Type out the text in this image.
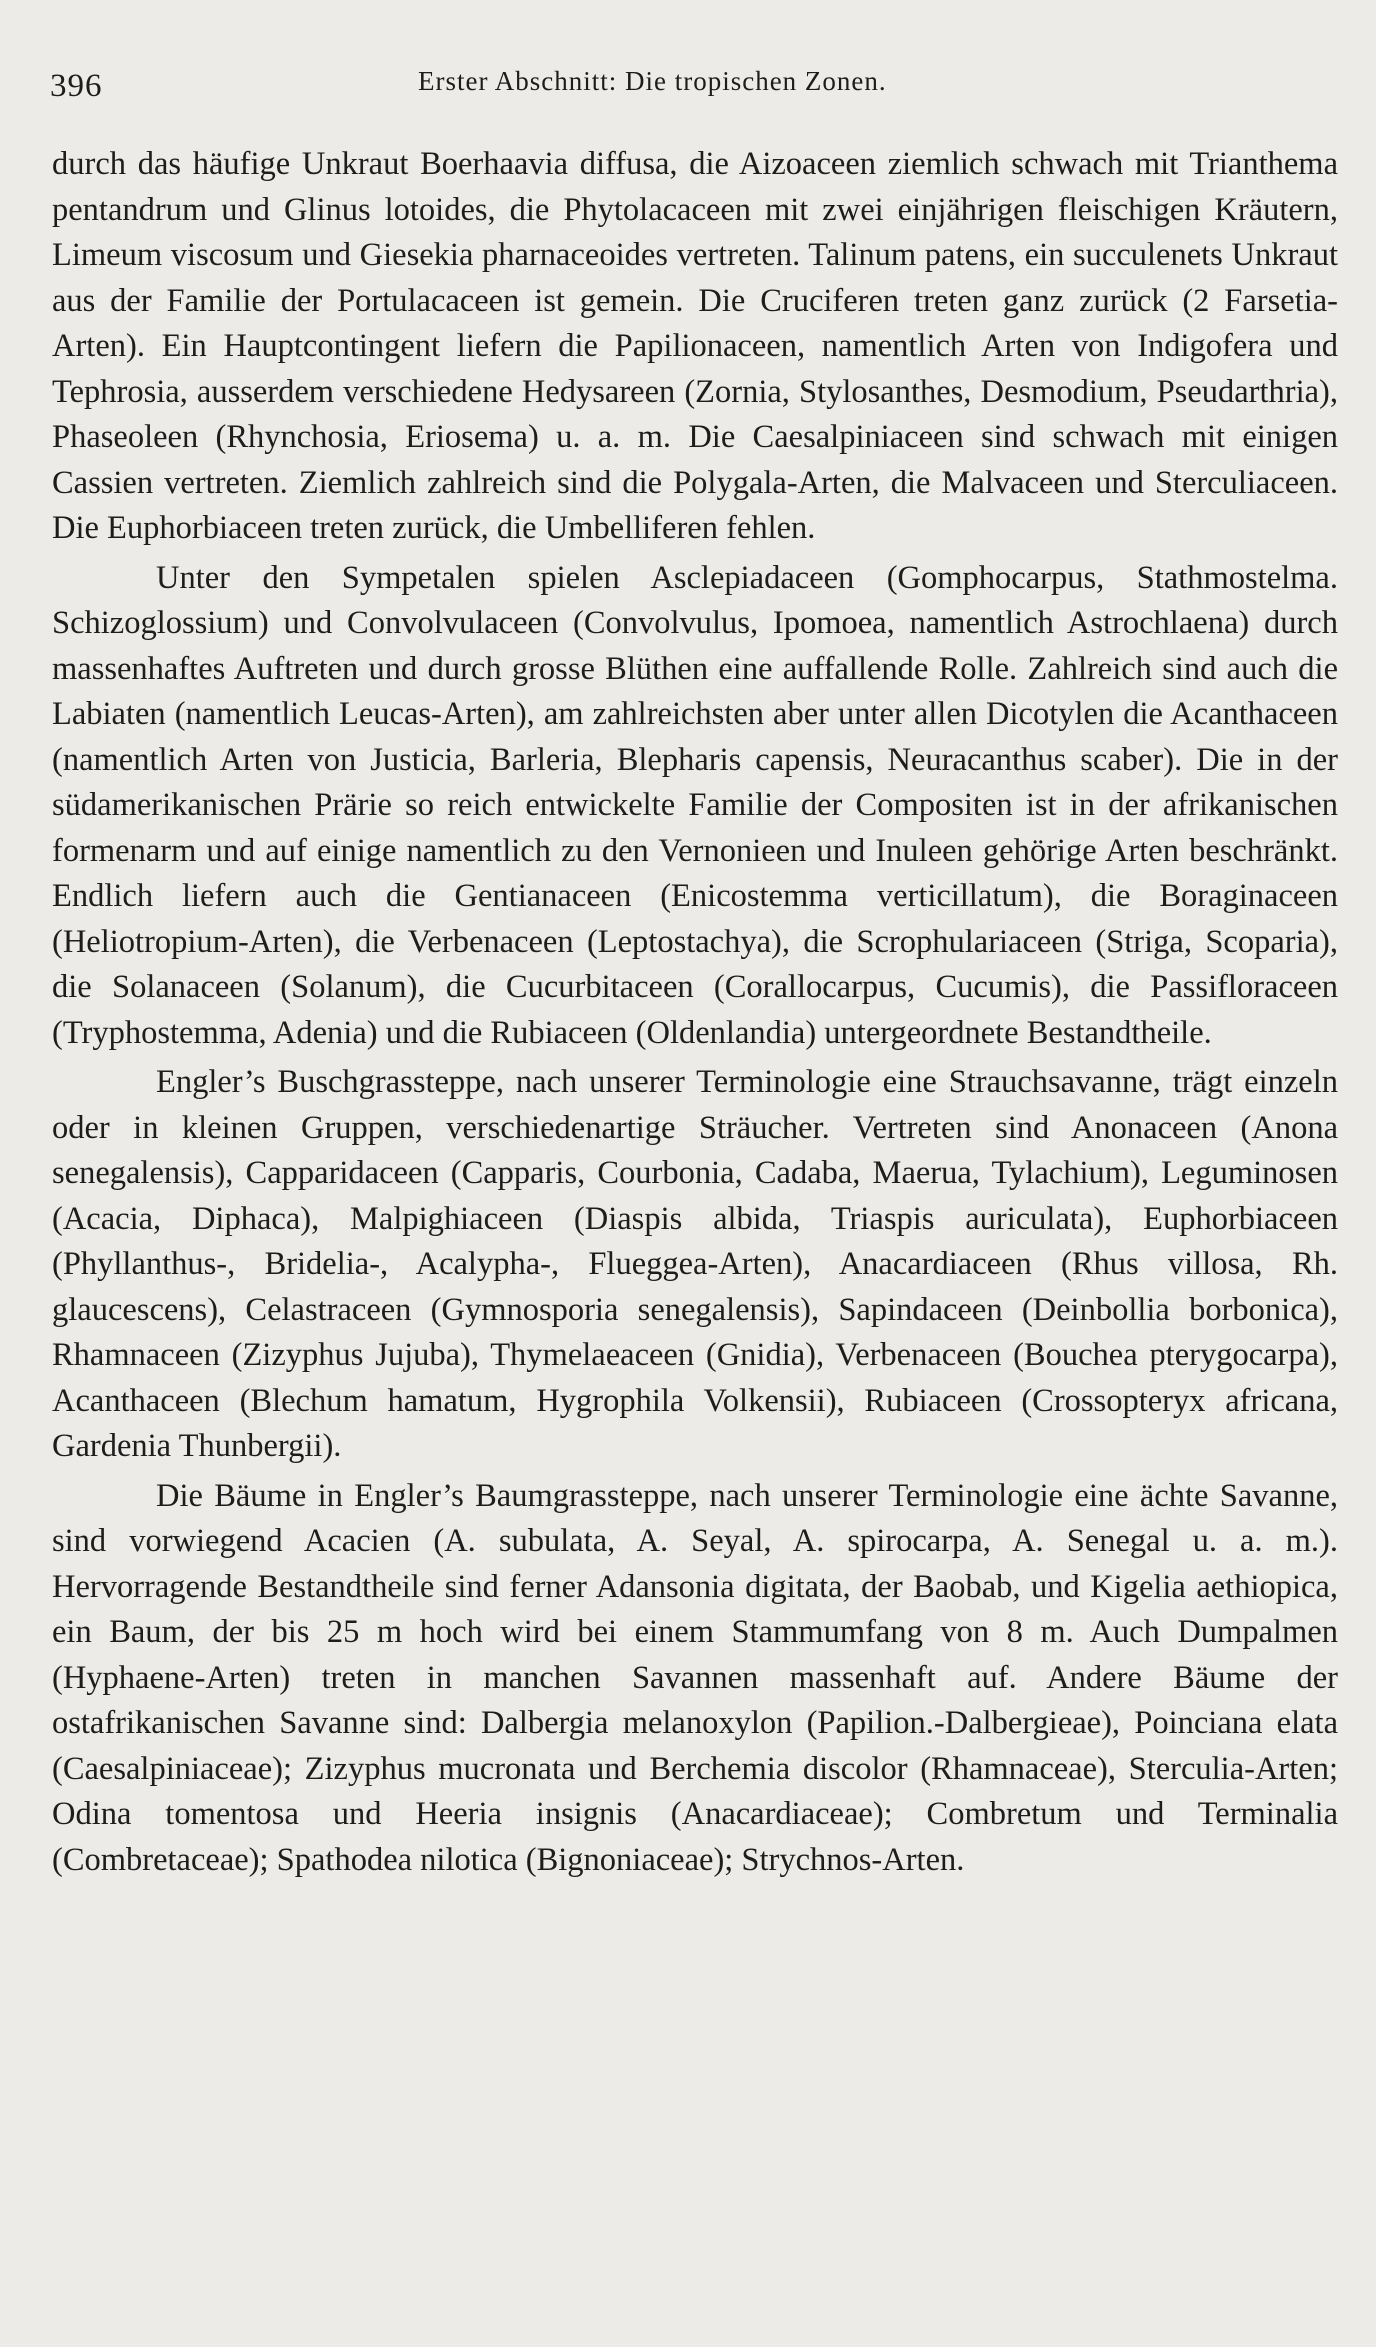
396	Erster Abschnitt: Die tropischen Zonen.

durch das häufige Unkraut Boerhaavia diffusa, die Aizoaceen ziemlich schwach mit Trianthema pentandrum und Glinus lotoides, die Phytolacaceen mit zwei einjährigen fleischigen Kräutern, Limeum viscosum und Giesekia pharnaceoides vertreten. Talinum patens, ein succulenets Unkraut aus der Familie der Portulacaceen ist gemein. Die Cruciferen treten ganz zurück (2 Farsetia-Arten). Ein Hauptcontingent liefern die Papilionaceen, namentlich Arten von Indigofera und Tephrosia, ausserdem verschiedene Hedysareen (Zornia, Stylosanthes, Desmodium, Pseudarthria), Phaseoleen (Rhynchosia, Eriosema) u. a. m. Die Caesalpiniaceen sind schwach mit einigen Cassien vertreten. Ziemlich zahlreich sind die Polygala-Arten, die Malvaceen und Sterculiaceen. Die Euphorbiaceen treten zurück, die Umbelliferen fehlen.

Unter den Sympetalen spielen Asclepiadaceen (Gomphocarpus, Stathmostelma. Schizoglossium) und Convolvulaceen (Convolvulus, Ipomoea, namentlich Astrochlaena) durch massenhaftes Auftreten und durch grosse Blüthen eine auffallende Rolle. Zahlreich sind auch die Labiaten (namentlich Leucas-Arten), am zahlreichsten aber unter allen Dicotylen die Acanthaceen (namentlich Arten von Justicia, Barleria, Blepharis capensis, Neuracanthus scaber). Die in der südamerikanischen Prärie so reich entwickelte Familie der Compositen ist in der afrikanischen formenarm und auf einige namentlich zu den Vernonieen und Inuleen gehörige Arten beschränkt. Endlich liefern auch die Gentianaceen (Enicostemma verticillatum), die Boraginaceen (Heliotropium-Arten), die Verbenaceen (Leptostachya), die Scrophulariaceen (Striga, Scoparia), die Solanaceen (Solanum), die Cucurbitaceen (Corallocarpus, Cucumis), die Passifloraceen (Tryphostemma, Adenia) und die Rubiaceen (Oldenlandia) untergeordnete Bestandtheile.

Engler’s Buschgrassteppe, nach unserer Terminologie eine Strauchsavanne, trägt einzeln oder in kleinen Gruppen, verschiedenartige Sträucher. Vertreten sind Anonaceen (Anona senegalensis), Capparidaceen (Capparis, Courbonia, Cadaba, Maerua, Tylachium), Leguminosen (Acacia, Diphaca), Malpighiaceen (Diaspis albida, Triaspis auriculata), Euphorbiaceen (Phyllanthus-, Bridelia-, Acalypha-, Flueggea-Arten), Anacardiaceen (Rhus villosa, Rh. glaucescens), Celastraceen (Gymnosporia senegalensis), Sapindaceen (Deinbollia borbonica), Rhamnaceen (Zizyphus Jujuba), Thymelaeaceen (Gnidia), Verbenaceen (Bouchea pterygocarpa), Acanthaceen (Blechum hamatum, Hygrophila Volkensii), Rubiaceen (Crossopteryx africana, Gardenia Thunbergii).

Die Bäume in Engler’s Baumgrassteppe, nach unserer Terminologie eine ächte Savanne, sind vorwiegend Acacien (A. subulata, A. Seyal, A. spirocarpa, A. Senegal u. a. m.). Hervorragende Bestandtheile sind ferner Adansonia digitata, der Baobab, und Kigelia aethiopica, ein Baum, der bis 25 m hoch wird bei einem Stammumfang von 8 m. Auch Dumpalmen (Hyphaene-Arten) treten in manchen Savannen massenhaft auf. Andere Bäume der ostafrikanischen Savanne sind: Dalbergia melanoxylon (Papilion.-Dalbergieae), Poinciana elata (Caesalpiniaceae); Zizyphus mucronata und Berchemia discolor (Rhamnaceae), Sterculia-Arten; Odina tomentosa und Heeria insignis (Anacardiaceae); Combretum und Terminalia (Combretaceae); Spathodea nilotica (Bignoniaceae); Strychnos-Arten.
